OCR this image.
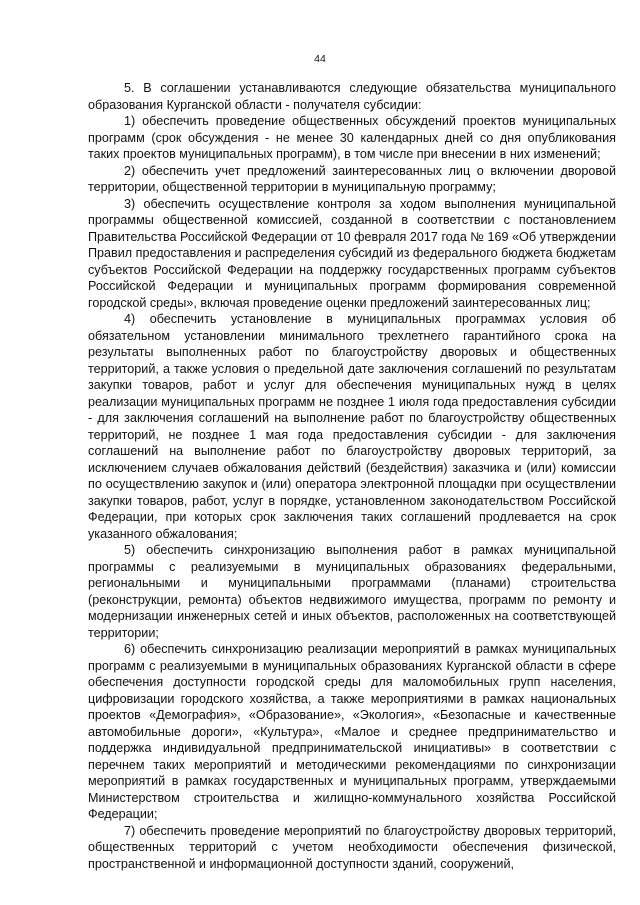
44

5. В соглашении устанавливаются следующие обязательства муниципального образования Курганской области - получателя субсидии:

1) обеспечить проведение общественных обсуждений проектов муниципальных программ (срок обсуждения - не менее 30 календарных дней со дня опубликования таких проектов муниципальных программ), в том числе при внесении в них изменений;

2) обеспечить учет предложений заинтересованных лиц о включении дворовой территории, общественной территории в муниципальную программу;

3) обеспечить осуществление контроля за ходом выполнения муниципальной программы общественной комиссией, созданной в соответствии с постановлением Правительства Российской Федерации от 10 февраля 2017 года № 169 «Об утверждении Правил предоставления и распределения субсидий из федерального бюджета бюджетам субъектов Российской Федерации на поддержку государственных программ субъектов Российской Федерации и муниципальных программ формирования современной городской среды», включая проведение оценки предложений заинтересованных лиц;

4) обеспечить установление в муниципальных программах условия об обязательном установлении минимального трехлетнего гарантийного срока на результаты выполненных работ по благоустройству дворовых и общественных территорий, а также условия о предельной дате заключения соглашений по результатам закупки товаров, работ и услуг для обеспечения муниципальных нужд в целях реализации муниципальных программ не позднее 1 июля года предоставления субсидии - для заключения соглашений на выполнение работ по благоустройству общественных территорий, не позднее 1 мая года предоставления субсидии - для заключения соглашений на выполнение работ по благоустройству дворовых территорий, за исключением случаев обжалования действий (бездействия) заказчика и (или) комиссии по осуществлению закупок и (или) оператора электронной площадки при осуществлении закупки товаров, работ, услуг в порядке, установленном законодательством Российской Федерации, при которых срок заключения таких соглашений продлевается на срок указанного обжалования;

5) обеспечить синхронизацию выполнения работ в рамках муниципальной программы с реализуемыми в муниципальных образованиях федеральными, региональными и муниципальными программами (планами) строительства (реконструкции, ремонта) объектов недвижимого имущества, программ по ремонту и модернизации инженерных сетей и иных объектов, расположенных на соответствующей территории;

6) обеспечить синхронизацию реализации мероприятий в рамках муниципальных программ с реализуемыми в муниципальных образованиях Курганской области в сфере обеспечения доступности городской среды для маломобильных групп населения, цифровизации городского хозяйства, а также мероприятиями в рамках национальных проектов «Демография», «Образование», «Экология», «Безопасные и качественные автомобильные дороги», «Культура», «Малое и среднее предпринимательство и поддержка индивидуальной предпринимательской инициативы» в соответствии с перечнем таких мероприятий и методическими рекомендациями по синхронизации мероприятий в рамках государственных и муниципальных программ, утверждаемыми Министерством строительства и жилищно-коммунального хозяйства Российской Федерации;

7) обеспечить проведение мероприятий по благоустройству дворовых территорий, общественных территорий с учетом необходимости обеспечения физической, пространственной и информационной доступности зданий, сооружений,
